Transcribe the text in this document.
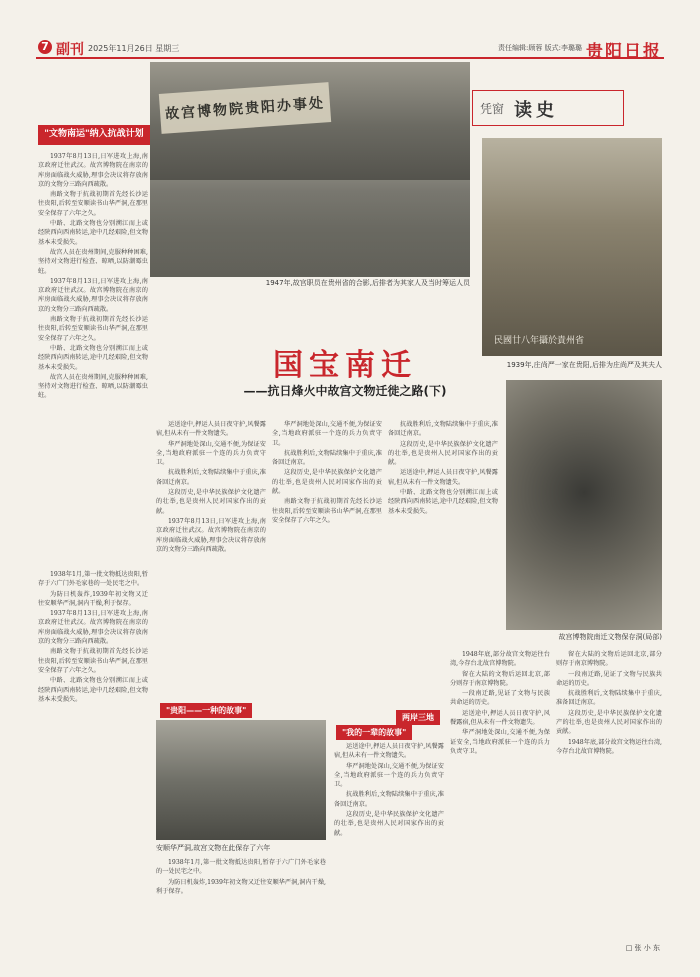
7 副刊 2025年11月26日 星期三	责任编辑:顾蓉 版式:李璐璐 贵阳日报
故宫博物院贵阳办事处
1947年,故宫职员在贵州省的合影,后排者为其家人及当时筹运人员
凭窗 读史
民國廿八年攝於貴州省
1939年,庄尚严一家在贵阳,后排为庄尚严及其夫人
"文物南运"纳入抗战计划

1937年8月13日,日军进攻上海,南京政府迁往武汉。故宫博物院在南京的库房面临战火威胁,理事会决议将存放南京的文物分三路向西疏散。

南路文物于抗战初期首先经长沙运往贵阳,后转至安顺读书山华严洞,在那里安全保存了六年之久。

中路、北路文物也分别溯江而上或经陕西向西南转运,途中几经艰险,但文物基本未受损失。

故宫人员在贵州期间,克服种种困难,坚持对文物进行检查、晾晒,以防潮霉虫蛀。

1937年8月13日,日军进攻上海,南京政府迁往武汉。故宫博物院在南京的库房面临战火威胁,理事会决议将存放南京的文物分三路向西疏散。

南路文物于抗战初期首先经长沙运往贵阳,后转至安顺读书山华严洞,在那里安全保存了六年之久。

中路、北路文物也分别溯江而上或经陕西向西南转运,途中几经艰险,但文物基本未受损失。

故宫人员在贵州期间,克服种种困难,坚持对文物进行检查、晾晒,以防潮霉虫蛀。

国宝南迁
——抗日烽火中故宫文物迁徙之路(下)

1938年1月,第一批文物抵达贵阳,暂存于六广门外毛家巷的一处民宅之中。

为防日机轰炸,1939年初文物又迁往安顺华严洞,洞内干燥,利于保存。

1937年8月13日,日军进攻上海,南京政府迁往武汉。故宫博物院在南京的库房面临战火威胁,理事会决议将存放南京的文物分三路向西疏散。

南路文物于抗战初期首先经长沙运往贵阳,后转至安顺读书山华严洞,在那里安全保存了六年之久。

中路、北路文物也分别溯江而上或经陕西向西南转运,途中几经艰险,但文物基本未受损失。

运送途中,押运人员日夜守护,风餐露宿,但从未有一件文物遗失。

华严洞地处深山,交通不便,为保证安全,当地政府派驻一个连的兵力负责守卫。

抗战胜利后,文物陆续集中于重庆,准备回迁南京。

这段历史,是中华民族保护文化遗产的壮举,也是贵州人民对国家作出的贡献。

1937年8月13日,日军进攻上海,南京政府迁往武汉。故宫博物院在南京的库房面临战火威胁,理事会决议将存放南京的文物分三路向西疏散。

"贵阳——一种的故事"

华严洞地处深山,交通不便,为保证安全,当地政府派驻一个连的兵力负责守卫。

抗战胜利后,文物陆续集中于重庆,准备回迁南京。

这段历史,是中华民族保护文化遗产的壮举,也是贵州人民对国家作出的贡献。

南路文物于抗战初期首先经长沙运往贵阳,后转至安顺读书山华严洞,在那里安全保存了六年之久。

抗战胜利后,文物陆续集中于重庆,准备回迁南京。

这段历史,是中华民族保护文化遗产的壮举,也是贵州人民对国家作出的贡献。

运送途中,押运人员日夜守护,风餐露宿,但从未有一件文物遗失。

中路、北路文物也分别溯江而上或经陕西向西南转运,途中几经艰险,但文物基本未受损失。

安顺华严洞,故宫文物在此保存了六年

1938年1月,第一批文物抵达贵阳,暂存于六广门外毛家巷的一处民宅之中。

为防日机轰炸,1939年初文物又迁往安顺华严洞,洞内干燥,利于保存。

"我的一辈的故事"

运送途中,押运人员日夜守护,风餐露宿,但从未有一件文物遗失。

华严洞地处深山,交通不便,为保证安全,当地政府派驻一个连的兵力负责守卫。

抗战胜利后,文物陆续集中于重庆,准备回迁南京。

这段历史,是中华民族保护文化遗产的壮举,也是贵州人民对国家作出的贡献。

两岸三地
故宫博物院南迁文物保存洞(局部)

1948年底,部分故宫文物运往台湾,今存台北故宫博物院。

留在大陆的文物后运回北京,部分则存于南京博物院。

一段南迁路,见证了文物与民族共命运的历史。

运送途中,押运人员日夜守护,风餐露宿,但从未有一件文物遗失。

华严洞地处深山,交通不便,为保证安全,当地政府派驻一个连的兵力负责守卫。

留在大陆的文物后运回北京,部分则存于南京博物院。

一段南迁路,见证了文物与民族共命运的历史。

抗战胜利后,文物陆续集中于重庆,准备回迁南京。

这段历史,是中华民族保护文化遗产的壮举,也是贵州人民对国家作出的贡献。

1948年底,部分故宫文物运往台湾,今存台北故宫博物院。

□ 张 小 东
